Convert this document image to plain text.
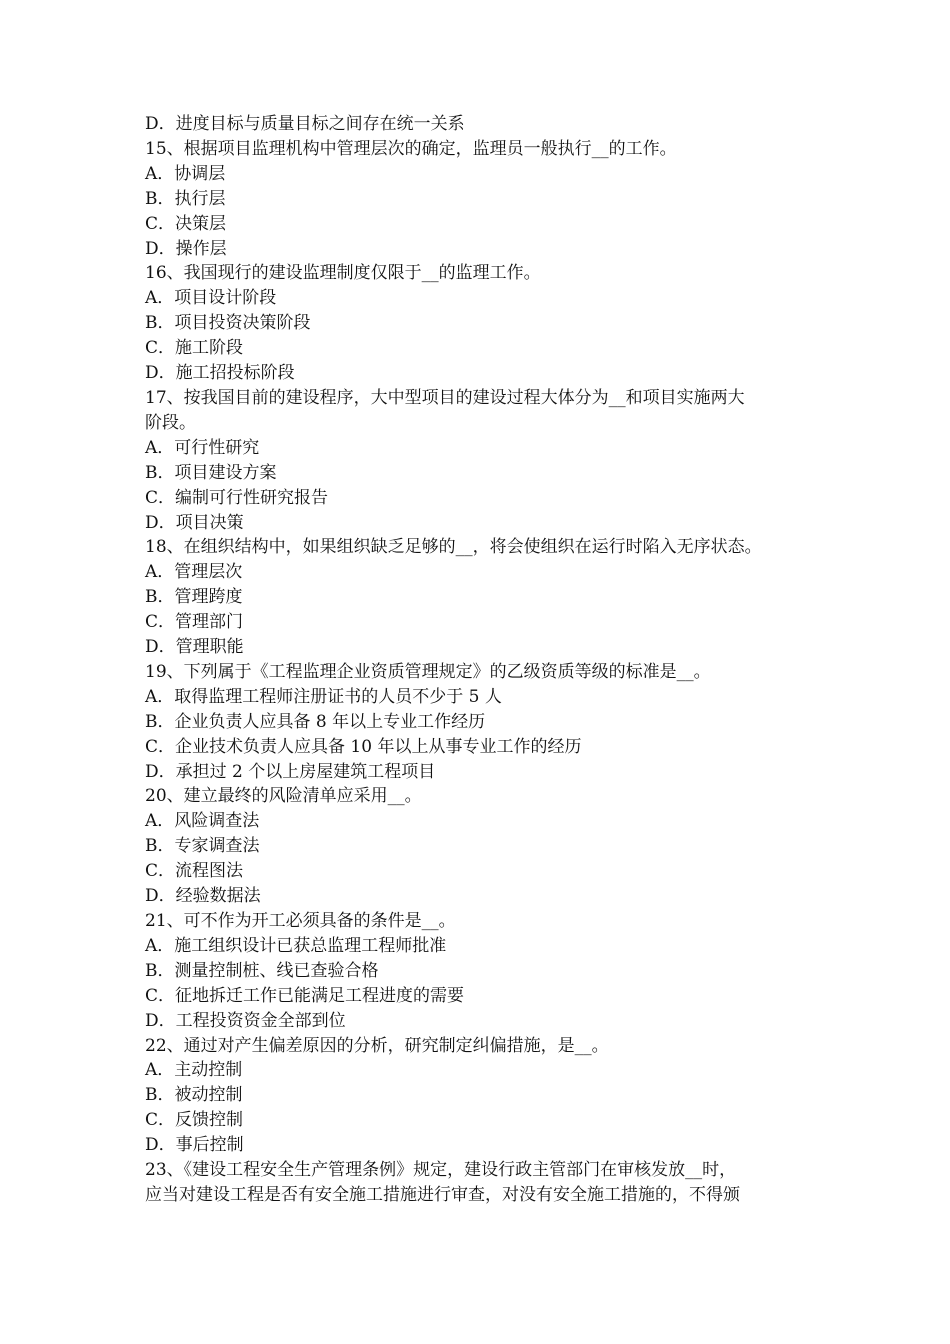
D．进度目标与质量目标之间存在统一关系
15、根据项目监理机构中管理层次的确定，监理员一般执行__的工作。
A．协调层
B．执行层
C．决策层
D．操作层
16、我国现行的建设监理制度仅限于__的监理工作。
A．项目设计阶段
B．项目投资决策阶段
C．施工阶段
D．施工招投标阶段
17、按我国目前的建设程序，大中型项目的建设过程大体分为__和项目实施两大
阶段。
A．可行性研究
B．项目建设方案
C．编制可行性研究报告
D．项目决策
18、在组织结构中，如果组织缺乏足够的__，将会使组织在运行时陷入无序状态。
A．管理层次
B．管理跨度
C．管理部门
D．管理职能
19、下列属于《工程监理企业资质管理规定》的乙级资质等级的标准是__。
A．取得监理工程师注册证书的人员不少于 5 人
B．企业负责人应具备 8 年以上专业工作经历
C．企业技术负责人应具备 10 年以上从事专业工作的经历
D．承担过 2 个以上房屋建筑工程项目
20、建立最终的风险清单应采用__。
A．风险调查法
B．专家调查法
C．流程图法
D．经验数据法
21、可不作为开工必须具备的条件是__。
A．施工组织设计已获总监理工程师批准
B．测量控制桩、线已查验合格
C．征地拆迁工作已能满足工程进度的需要
D．工程投资资金全部到位
22、通过对产生偏差原因的分析，研究制定纠偏措施，是__。
A．主动控制
B．被动控制
C．反馈控制
D．事后控制
23、《建设工程安全生产管理条例》规定，建设行政主管部门在审核发放__时，
应当对建设工程是否有安全施工措施进行审查，对没有安全施工措施的，不得颁
